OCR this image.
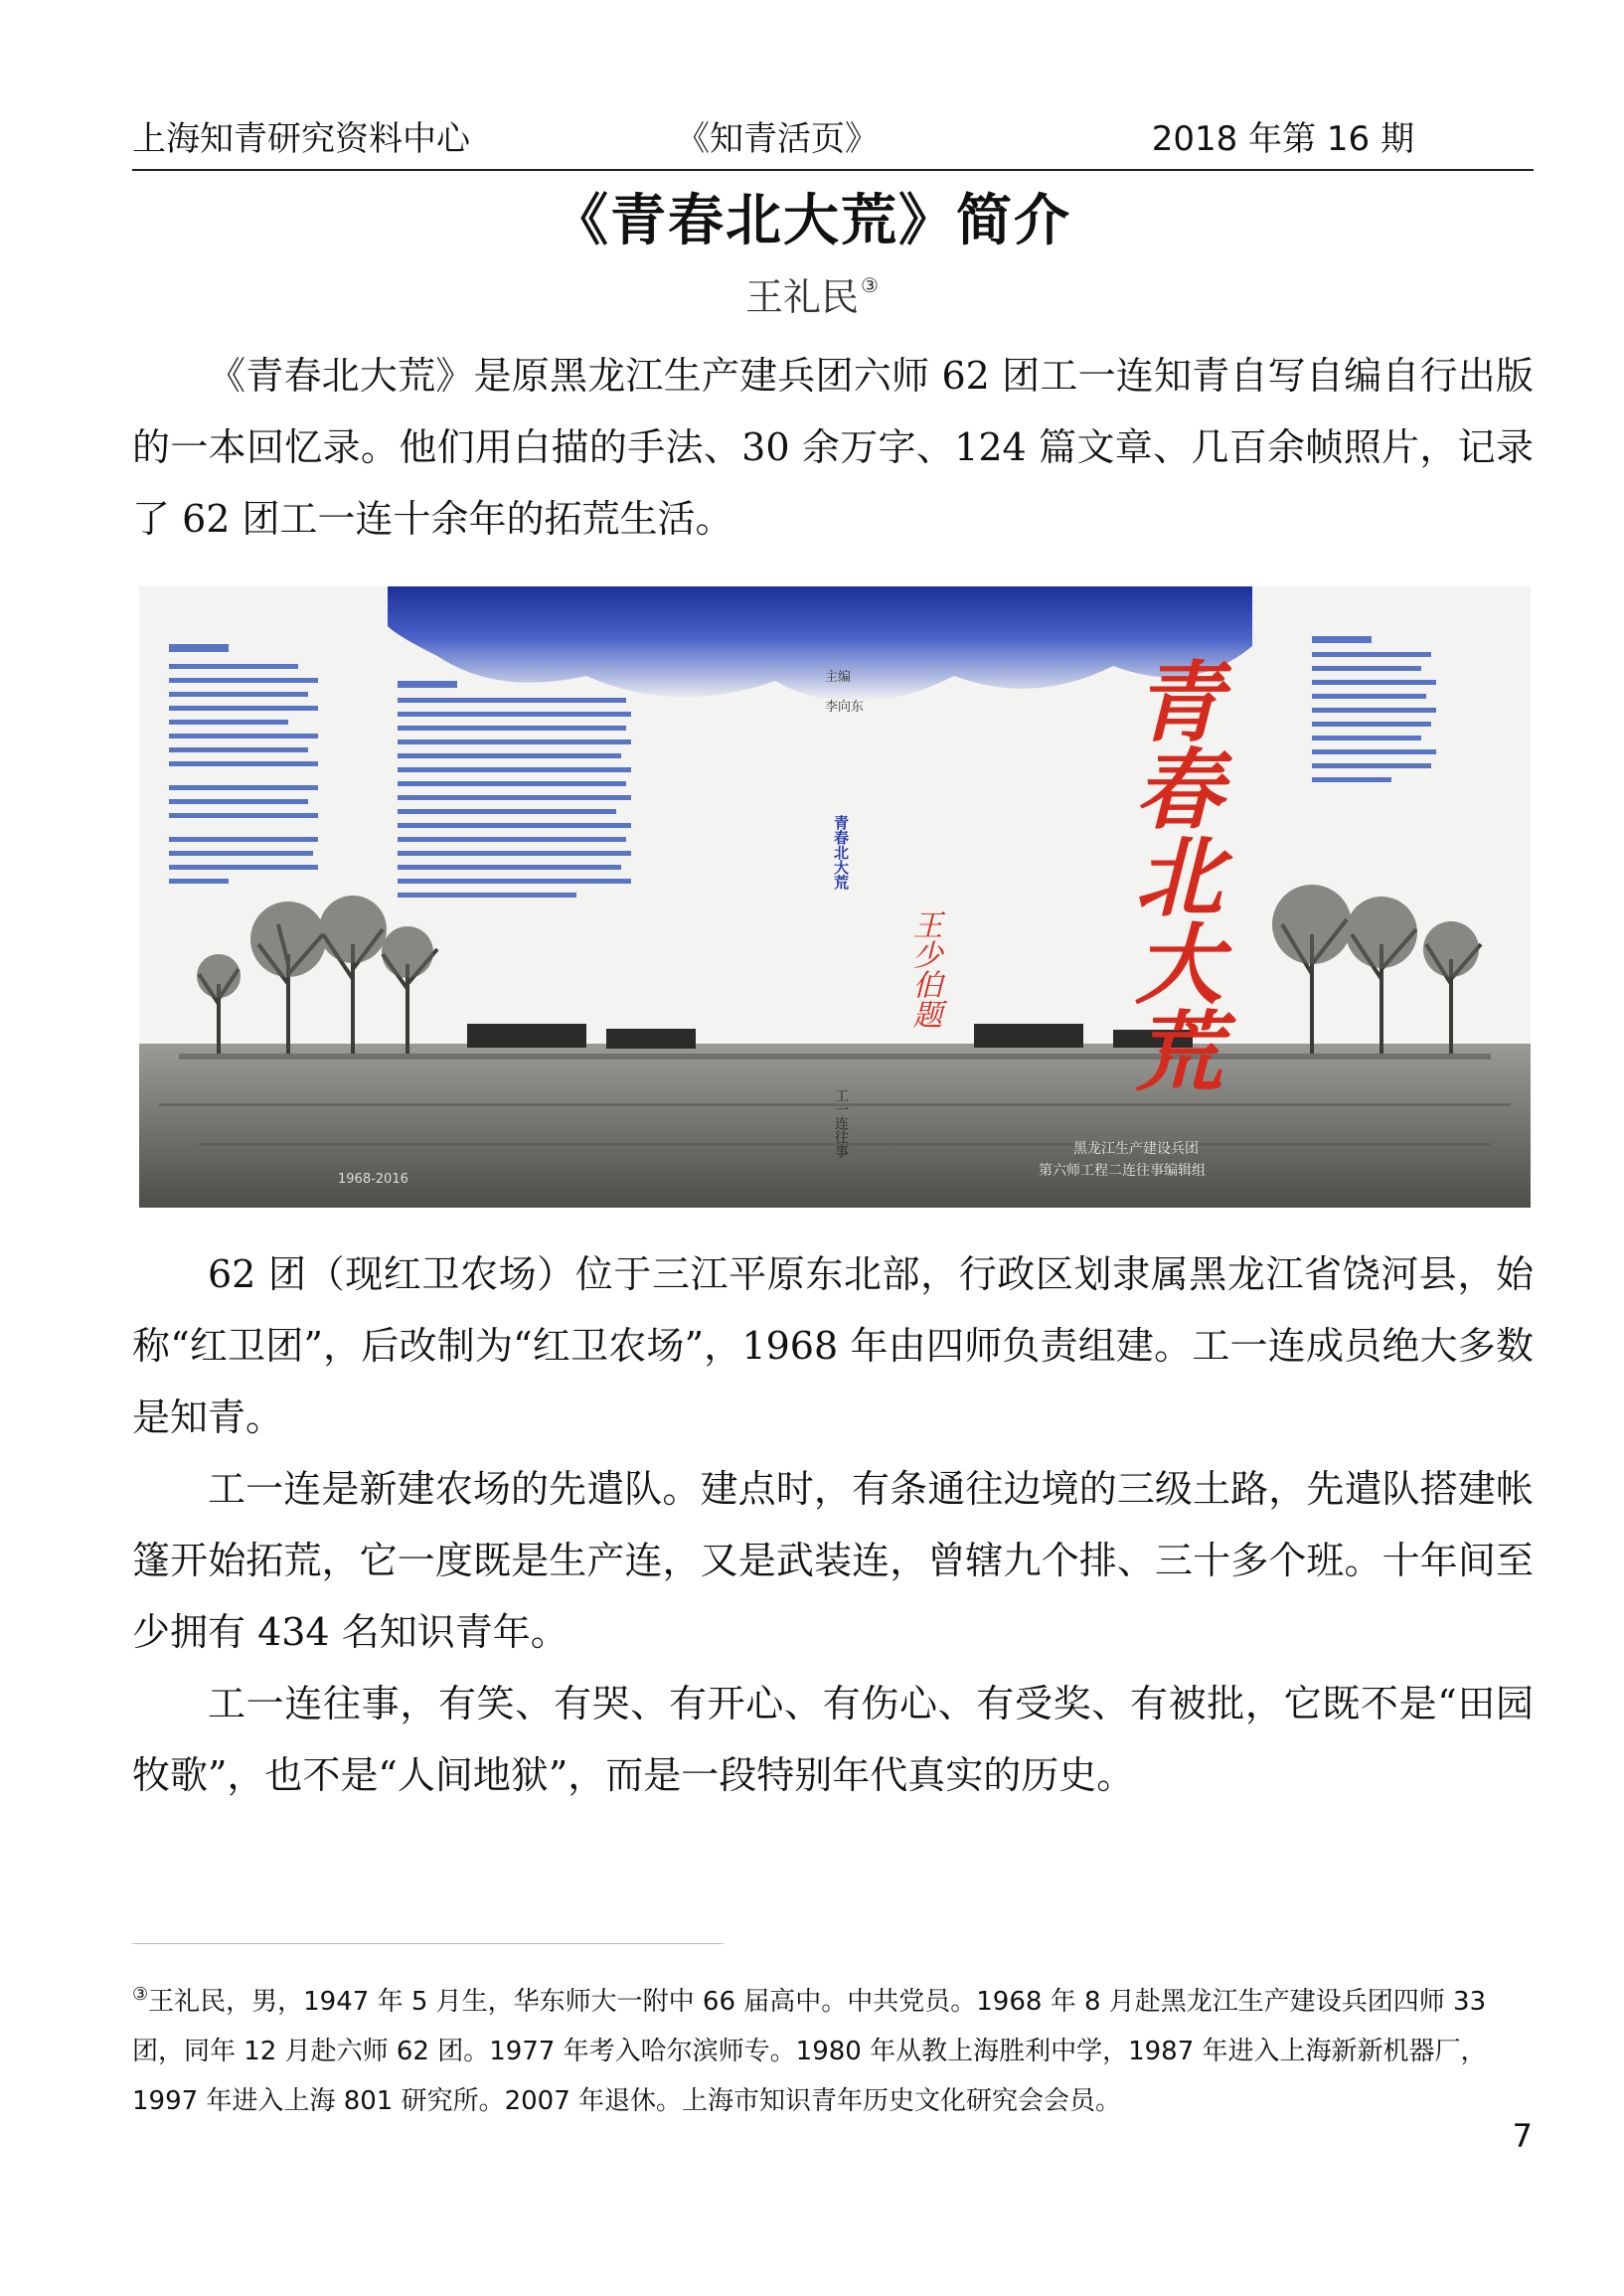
上海知青研究资料中心	《知青活页》	2018 年第 16 期
《青春北大荒》简介
王礼民 ③

《青春北大荒》是原黑龙江生产建兵团六师 62 团工一连知青自写自编自行出版的一本回忆录。他们用白描的手法、30 余万字、124 篇文章、几百余帧照片，记录了 62 团工一连十余年的拓荒生活。

主编
李向东
青春北大荒
工一连往事
王少伯题 青春北大荒
1968-2016
黑龙江生产建设兵团
第六师工程二连往事编辑组

62 团（现红卫农场）位于三江平原东北部，行政区划隶属黑龙江省饶河县，始称“红卫团”，后改制为“红卫农场”，1968 年由四师负责组建。工一连成员绝大多数是知青。

工一连是新建农场的先遣队。建点时，有条通往边境的三级土路，先遣队搭建帐篷开始拓荒，它一度既是生产连，又是武装连，曾辖九个排、三十多个班。十年间至少拥有 434 名知识青年。

工一连往事，有笑、有哭、有开心、有伤心、有受奖、有被批，它既不是“田园牧歌”，也不是“人间地狱”，而是一段特别年代真实的历史。

③王礼民，男，1947 年 5 月生，华东师大一附中 66 届高中。中共党员。1968 年 8 月赴黑龙江生产建设兵团四师 33 团，同年 12 月赴六师 62 团。1977 年考入哈尔滨师专。1980 年从教上海胜利中学，1987 年进入上海新新机器厂，1997 年进入上海 801 研究所。2007 年退休。上海市知识青年历史文化研究会会员。
7
